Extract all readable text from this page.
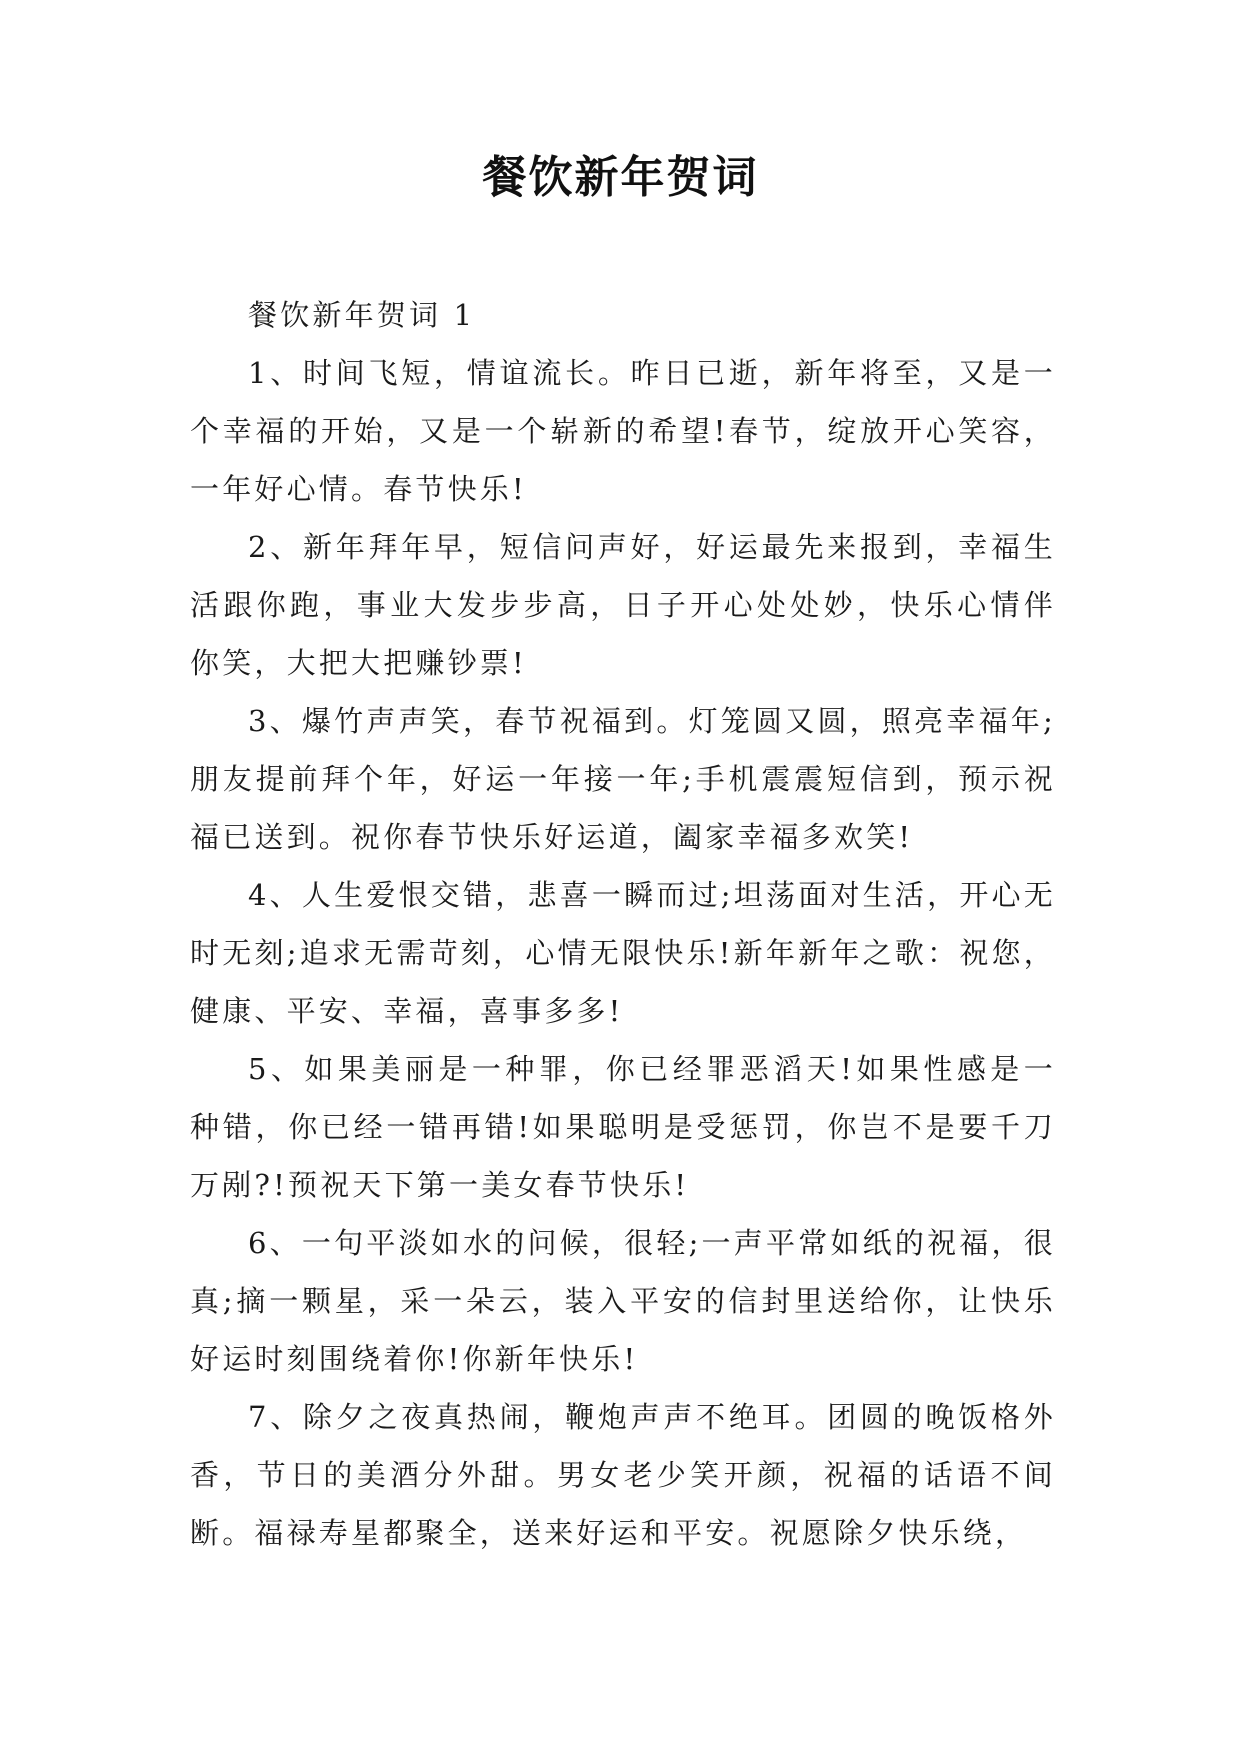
餐饮新年贺词

餐饮新年贺词 1

1、时间飞短，情谊流长。昨日已逝，新年将至，又是一个幸福的开始，又是一个崭新的希望!春节，绽放开心笑容，一年好心情。春节快乐!

2、新年拜年早，短信问声好，好运最先来报到，幸福生活跟你跑，事业大发步步高，日子开心处处妙，快乐心情伴你笑，大把大把赚钞票!

3、爆竹声声笑，春节祝福到。灯笼圆又圆，照亮幸福年;朋友提前拜个年，好运一年接一年;手机震震短信到，预示祝福已送到。祝你春节快乐好运道，阖家幸福多欢笑!

4、人生爱恨交错，悲喜一瞬而过;坦荡面对生活，开心无时无刻;追求无需苛刻，心情无限快乐!新年新年之歌：祝您，健康、平安、幸福，喜事多多!

5、如果美丽是一种罪，你已经罪恶滔天!如果性感是一种错，你已经一错再错!如果聪明是受惩罚，你岂不是要千刀万剐?!预祝天下第一美女春节快乐!

6、一句平淡如水的问候，很轻;一声平常如纸的祝福，很真;摘一颗星，采一朵云，装入平安的信封里送给你，让快乐好运时刻围绕着你!你新年快乐!

7、除夕之夜真热闹，鞭炮声声不绝耳。团圆的晚饭格外香，节日的美酒分外甜。男女老少笑开颜，祝福的话语不间断。福禄寿星都聚全，送来好运和平安。祝愿除夕快乐绕，
